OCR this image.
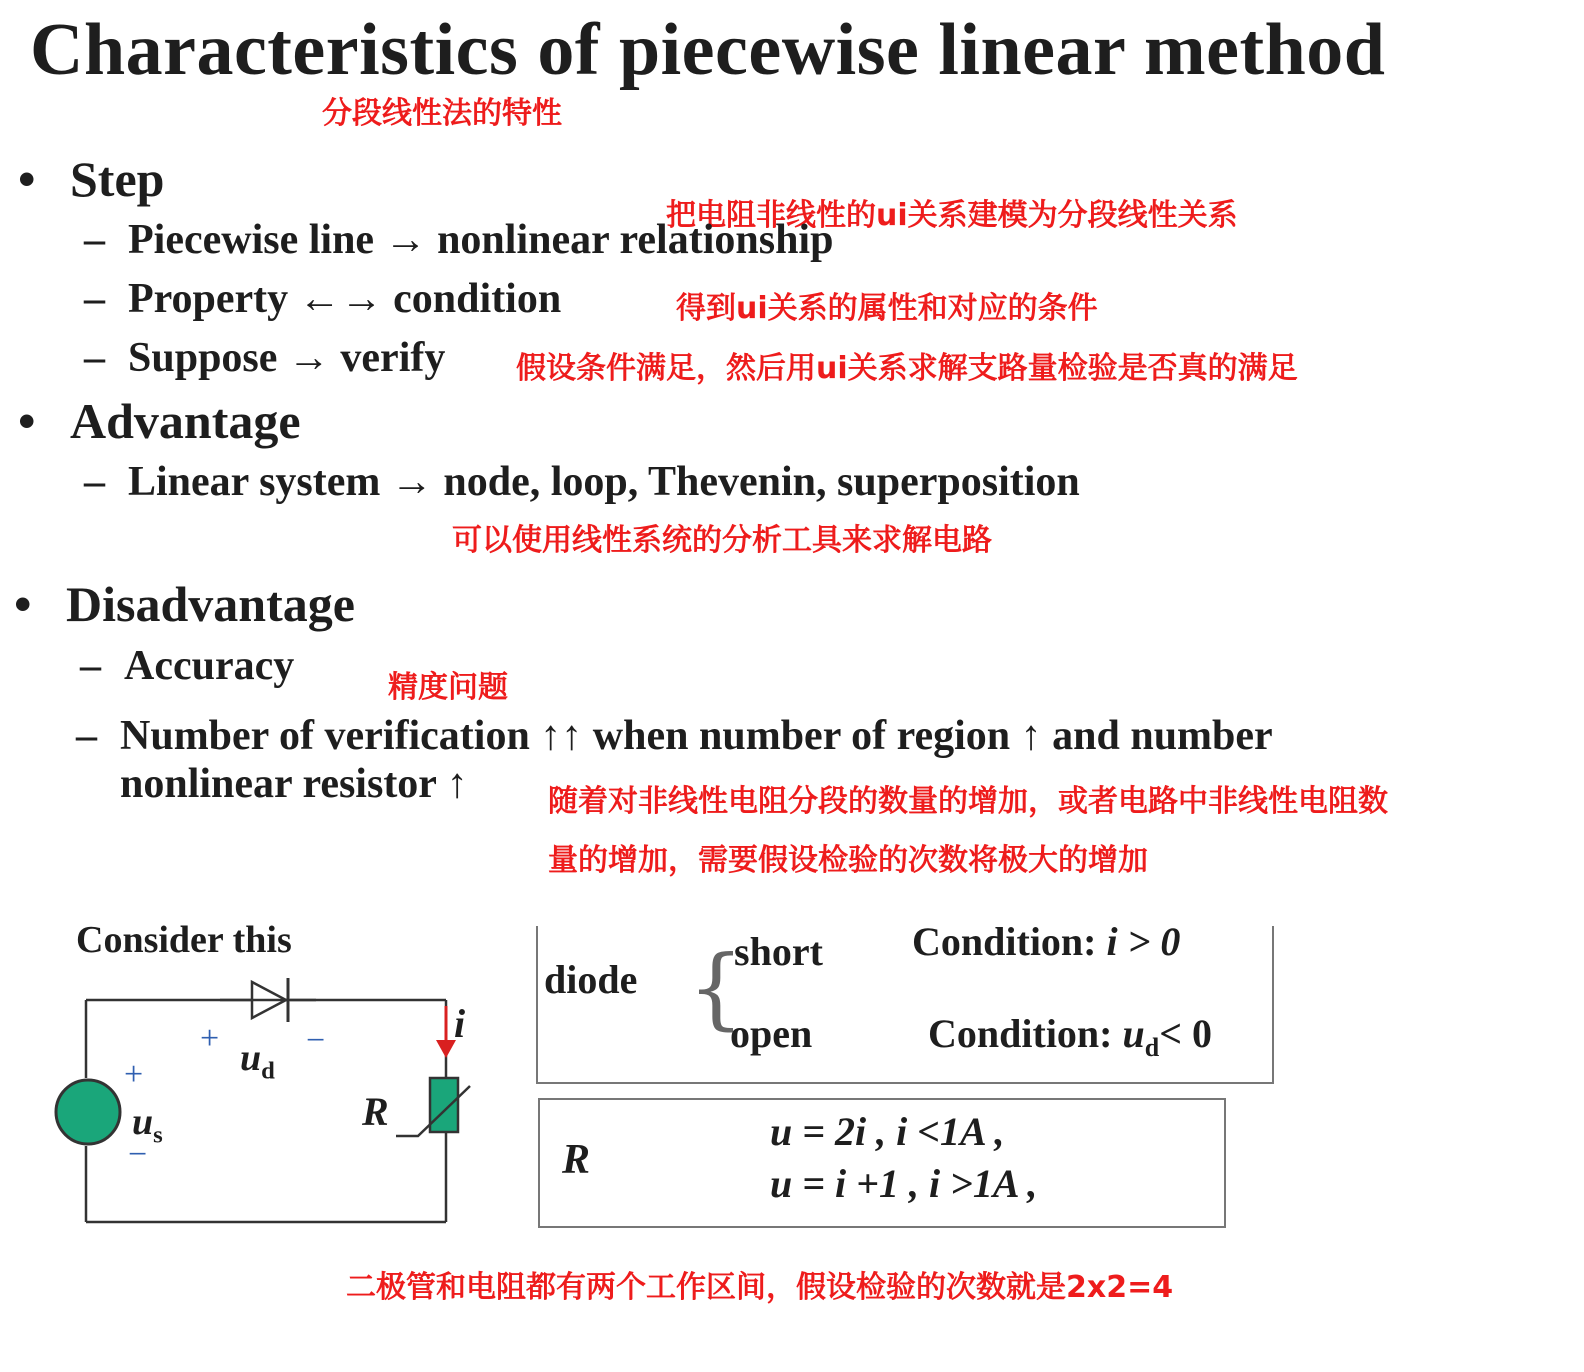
Characteristics of piecewise linear method
分段线性法的特性
• Step
把电阻非线性的ui关系建模为分段线性关系
– Piecewise line → nonlinear relationship
– Property ←→ condition	得到ui关系的属性和对应的条件
– Suppose → verify 假设条件满足，然后用ui关系求解支路量检验是否真的满足
• Advantage
– Linear system → node, loop, Thevenin, superposition
可以使用线性系统的分析工具来求解电路
• Disadvantage
– Accuracy	精度问题
– Number of verification ↑↑ when number of region ↑ and number
nonlinear resistor ↑	随着对非线性电阻分段的数量的增加，或者电路中非线性电阻数
量的增加，需要假设检验的次数将极大的增加
Consider this
+	−
$u_d$
+
$u_s$
−
i
R
diode {
short Condition: i > 0
open	Condition: $u_d< 0$
R
u = 2i , i <1A ,
u = i +1 , i >1A ,
二极管和电阻都有两个工作区间，假设检验的次数就是2x2=4
